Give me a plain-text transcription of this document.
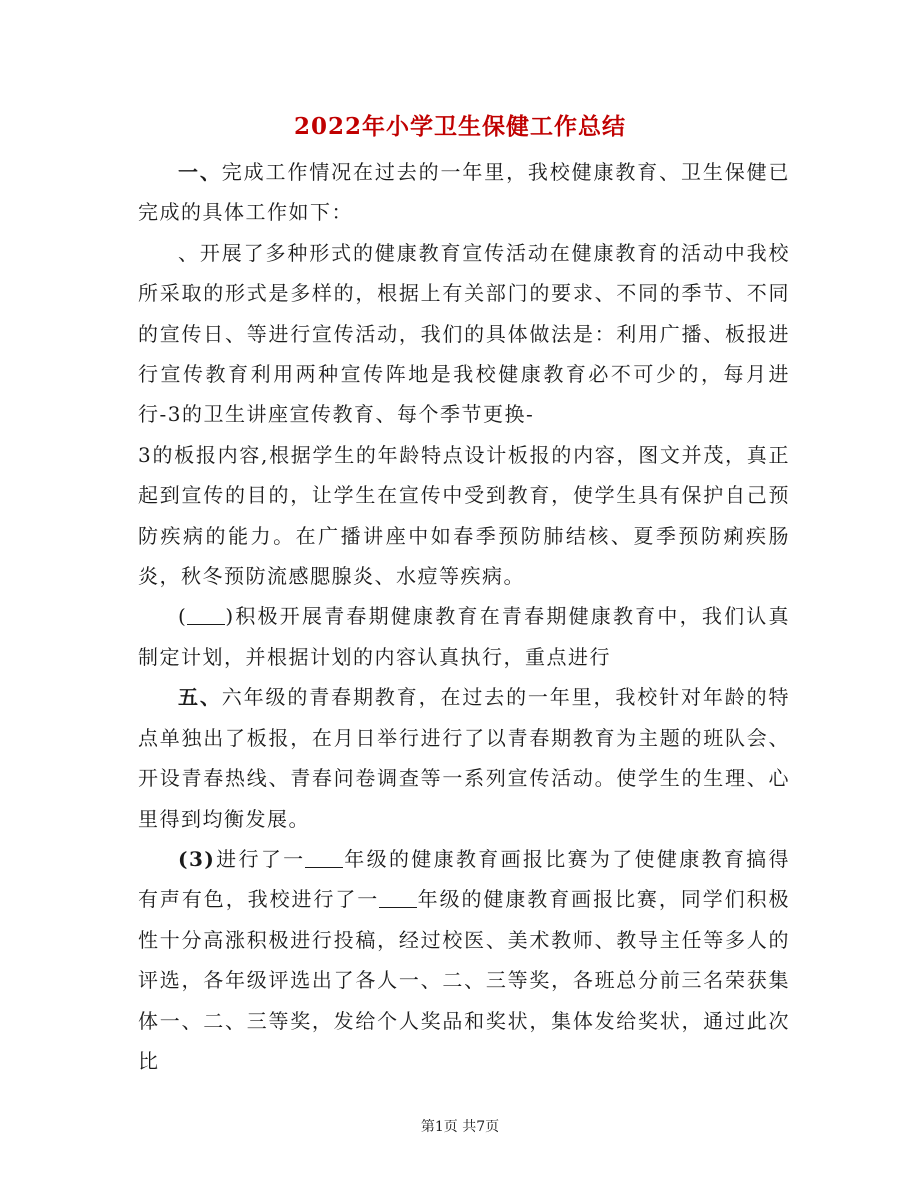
2022年小学卫生保健工作总结

一、完成工作情况在过去的一年里，我校健康教育、卫生保健已完成的具体工作如下：

、开展了多种形式的健康教育宣传活动在健康教育的活动中我校所采取的形式是多样的，根据上有关部门的要求、不同的季节、不同的宣传日、等进行宣传活动，我们的具体做法是：利用广播、板报进行宣传教育利用两种宣传阵地是我校健康教育必不可少的，每月进行-3的卫生讲座宣传教育、每个季节更换-

3的板报内容,根据学生的年龄特点设计板报的内容，图文并茂，真正起到宣传的目的，让学生在宣传中受到教育，使学生具有保护自己预防疾病的能力。在广播讲座中如春季预防肺结核、夏季预防痢疾肠炎，秋冬预防流感腮腺炎、水痘等疾病。

( )积极开展青春期健康教育在青春期健康教育中，我们认真制定计划，并根据计划的内容认真执行，重点进行

五、六年级的青春期教育，在过去的一年里，我校针对年龄的特点单独出了板报，在月日举行进行了以青春期教育为主题的班队会、开设青春热线、青春问卷调查等一系列宣传活动。使学生的生理、心里得到均衡发展。

(3)进行了一 年级的健康教育画报比赛为了使健康教育搞得有声有色，我校进行了一 年级的健康教育画报比赛，同学们积极性十分高涨积极进行投稿，经过校医、美术教师、教导主任等多人的评选，各年级评选出了各人一、二、三等奖，各班总分前三名荣获集体一、二、三等奖，发给个人奖品和奖状，集体发给奖状，通过此次比

第1页 共7页
